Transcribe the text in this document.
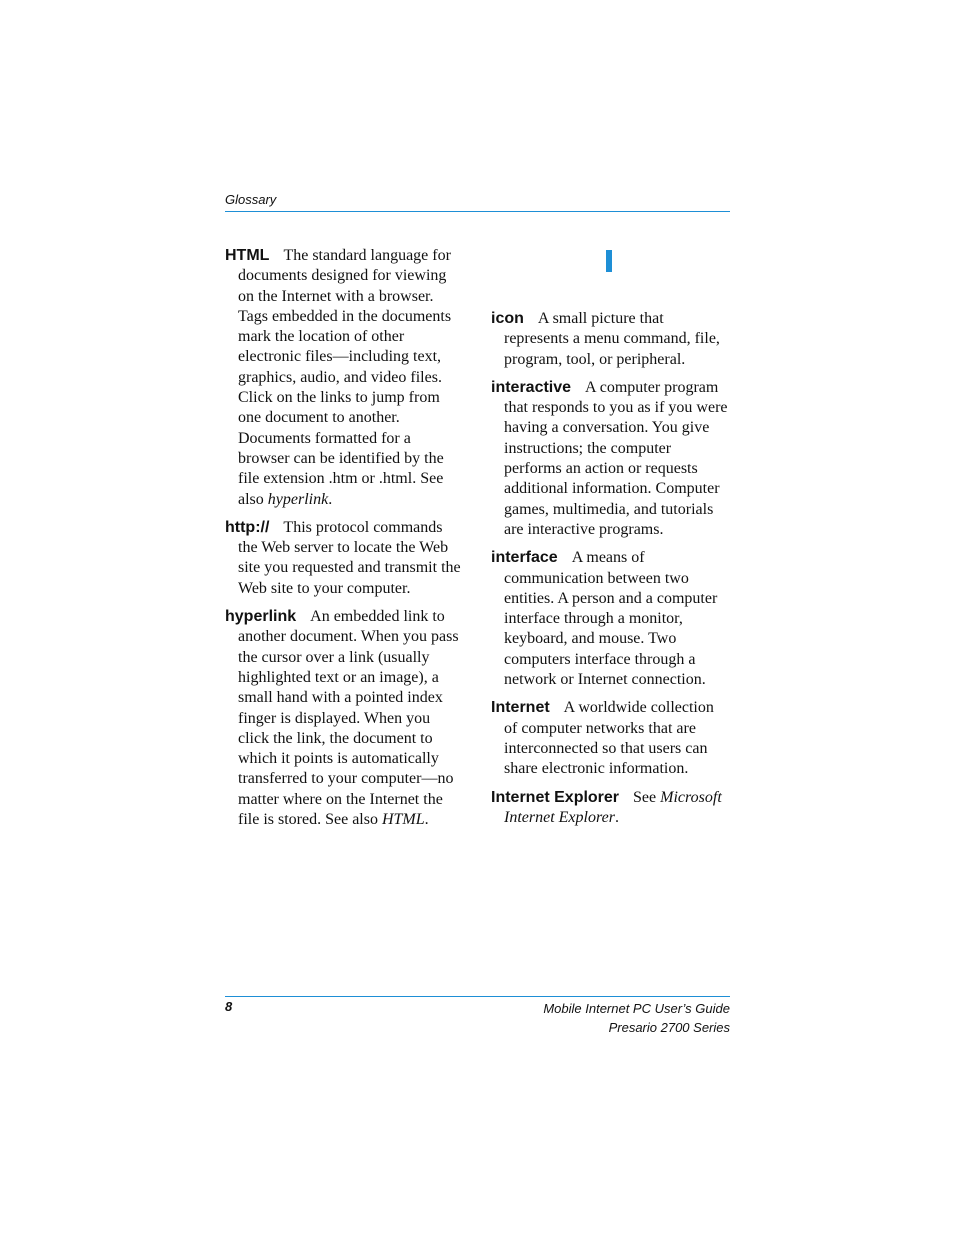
Glossary

HTML The standard language for documents designed for viewing on the Internet with a browser. Tags embedded in the documents mark the location of other electronic files—including text, graphics, audio, and video files. Click on the links to jump from one document to another. Documents formatted for a browser can be identified by the file extension .htm or .html. See also hyperlink.

http:// This protocol commands the Web server to locate the Web site you requested and transmit the Web site to your computer.

hyperlink An embedded link to another document. When you pass the cursor over a link (usually highlighted text or an image), a small hand with a pointed index finger is displayed. When you click the link, the document to which it points is automatically transferred to your computer—no matter where on the Internet the file is stored. See also HTML.

icon A small picture that represents a menu command, file, program, tool, or peripheral.

interactive A computer program that responds to you as if you were having a conversation. You give instructions; the computer performs an action or requests additional information. Computer games, multimedia, and tutorials are interactive programs.

interface A means of communication between two entities. A person and a computer interface through a monitor, keyboard, and mouse. Two computers interface through a network or Internet connection.

Internet A worldwide collection of computer networks that are interconnected so that users can share electronic information.

Internet Explorer See Microsoft Internet Explorer.

8	Mobile Internet PC User’s Guide
Presario 2700 Series
